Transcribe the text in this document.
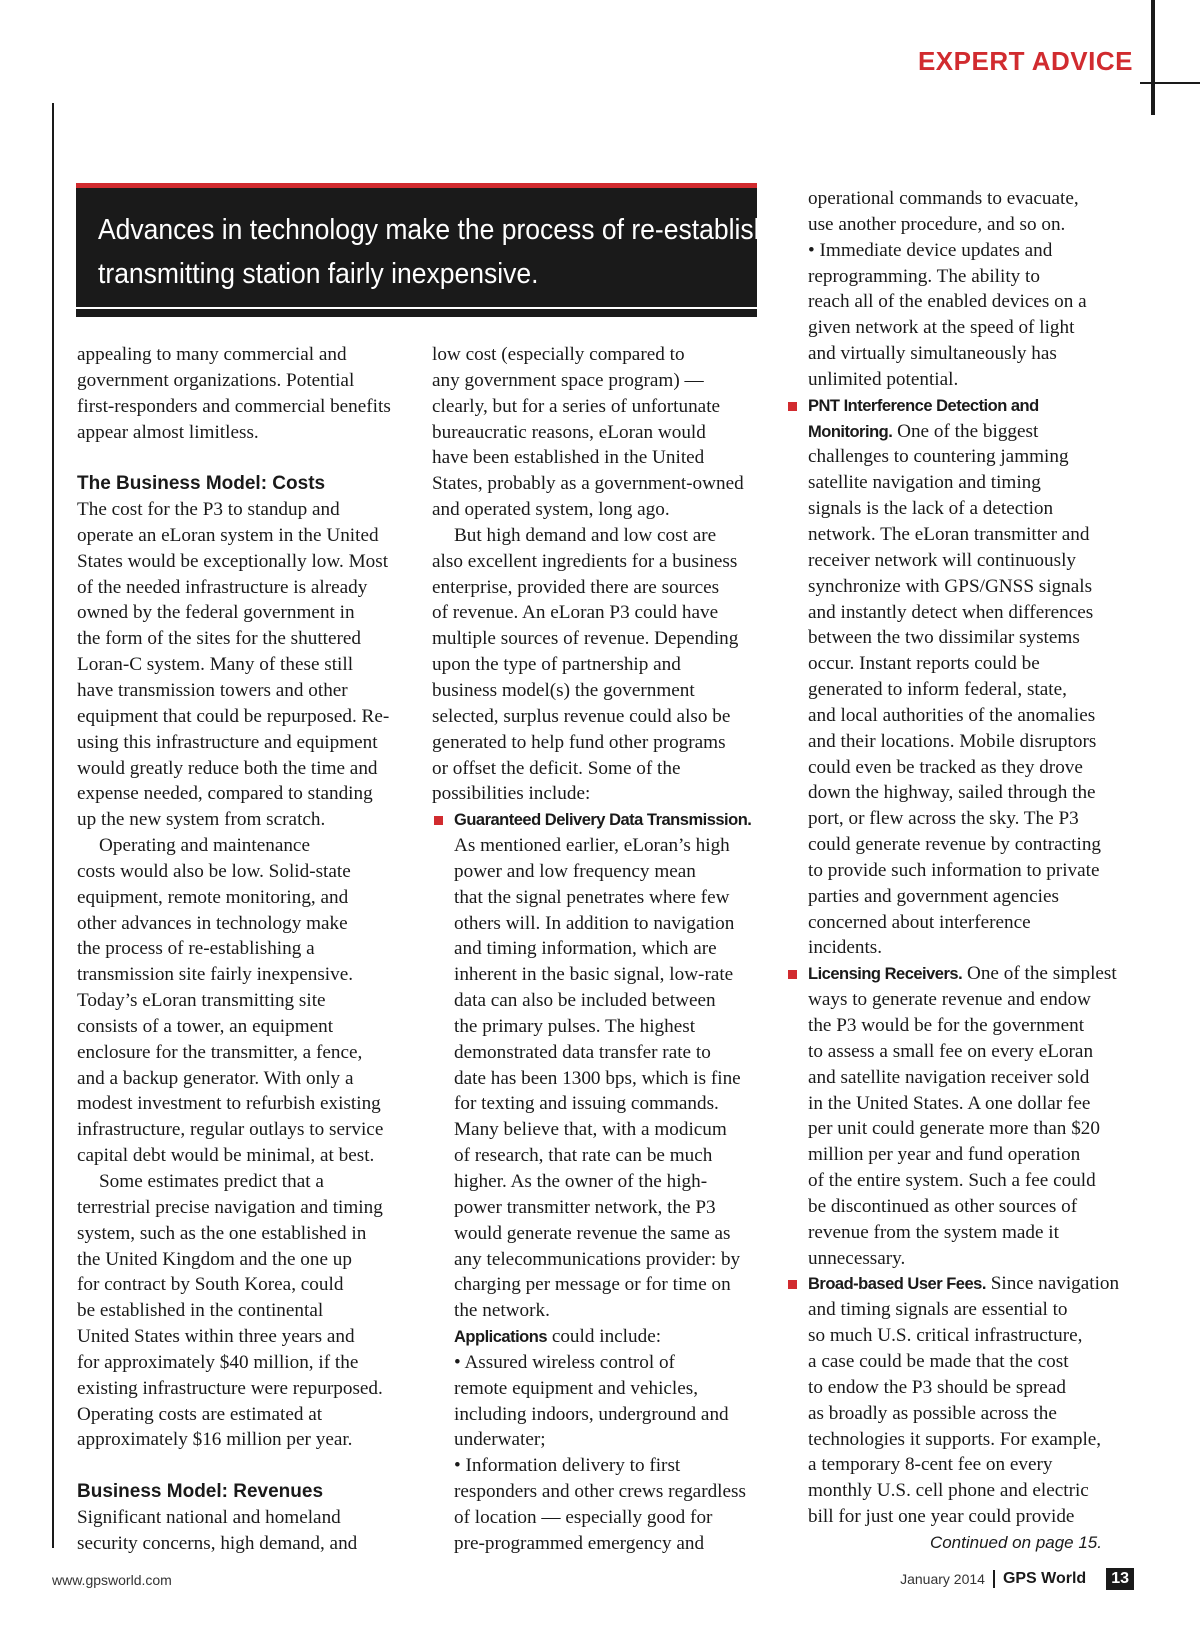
EXPERT ADVICE
Advances in technology make the process of re-establishing a
transmitting station fairly inexpensive.
appealing to many commercial and
government organizations. Potential
first-responders and commercial benefits
appear almost limitless.
The Business Model: Costs
The cost for the P3 to standup and
operate an eLoran system in the United
States would be exceptionally low. Most
of the needed infrastructure is already
owned by the federal government in
the form of the sites for the shuttered
Loran-C system. Many of these still
have transmission towers and other
equipment that could be repurposed. Re-
using this infrastructure and equipment
would greatly reduce both the time and
expense needed, compared to standing
up the new system from scratch.
Operating and maintenance
costs would also be low. Solid-state
equipment, remote monitoring, and
other advances in technology make
the process of re-establishing a
transmission site fairly inexpensive.
Today’s eLoran transmitting site
consists of a tower, an equipment
enclosure for the transmitter, a fence,
and a backup generator. With only a
modest investment to refurbish existing
infrastructure, regular outlays to service
capital debt would be minimal, at best.
Some estimates predict that a
terrestrial precise navigation and timing
system, such as the one established in
the United Kingdom and the one up
for contract by South Korea, could
be established in the continental
United States within three years and
for approximately $40 million, if the
existing infrastructure were repurposed.
Operating costs are estimated at
approximately $16 million per year.
Business Model: Revenues
Significant national and homeland
security concerns, high demand, and
low cost (especially compared to
any government space program) —
clearly, but for a series of unfortunate
bureaucratic reasons, eLoran would
have been established in the United
States, probably as a government-owned
and operated system, long ago.
But high demand and low cost are
also excellent ingredients for a business
enterprise, provided there are sources
of revenue. An eLoran P3 could have
multiple sources of revenue. Depending
upon the type of partnership and
business model(s) the government
selected, surplus revenue could also be
generated to help fund other programs
or offset the deficit. Some of the
possibilities include:
Guaranteed Delivery Data Transmission.
As mentioned earlier, eLoran’s high
power and low frequency mean
that the signal penetrates where few
others will. In addition to navigation
and timing information, which are
inherent in the basic signal, low-rate
data can also be included between
the primary pulses. The highest
demonstrated data transfer rate to
date has been 1300 bps, which is fine
for texting and issuing commands.
Many believe that, with a modicum
of research, that rate can be much
higher. As the owner of the high-
power transmitter network, the P3
would generate revenue the same as
any telecommunications provider: by
charging per message or for time on
the network.
Applications could include:
• Assured wireless control of
remote equipment and vehicles,
including indoors, underground and
underwater;
• Information delivery to first
responders and other crews regardless
of location — especially good for
pre-programmed emergency and
operational commands to evacuate,
use another procedure, and so on.
• Immediate device updates and
reprogramming. The ability to
reach all of the enabled devices on a
given network at the speed of light
and virtually simultaneously has
unlimited potential.
PNT Interference Detection and
Monitoring. One of the biggest
challenges to countering jamming
satellite navigation and timing
signals is the lack of a detection
network. The eLoran transmitter and
receiver network will continuously
synchronize with GPS/GNSS signals
and instantly detect when differences
between the two dissimilar systems
occur. Instant reports could be
generated to inform federal, state,
and local authorities of the anomalies
and their locations. Mobile disruptors
could even be tracked as they drove
down the highway, sailed through the
port, or flew across the sky. The P3
could generate revenue by contracting
to provide such information to private
parties and government agencies
concerned about interference
incidents.
Licensing Receivers. One of the simplest
ways to generate revenue and endow
the P3 would be for the government
to assess a small fee on every eLoran
and satellite navigation receiver sold
in the United States. A one dollar fee
per unit could generate more than $20
million per year and fund operation
of the entire system. Such a fee could
be discontinued as other sources of
revenue from the system made it
unnecessary.
Broad-based User Fees. Since navigation
and timing signals are essential to
so much U.S. critical infrastructure,
a case could be made that the cost
to endow the P3 should be spread
as broadly as possible across the
technologies it supports. For example,
a temporary 8-cent fee on every
monthly U.S. cell phone and electric
bill for just one year could provide
Continued on page 15.
www.gpsworld.com	January 2014 GPS World	13
